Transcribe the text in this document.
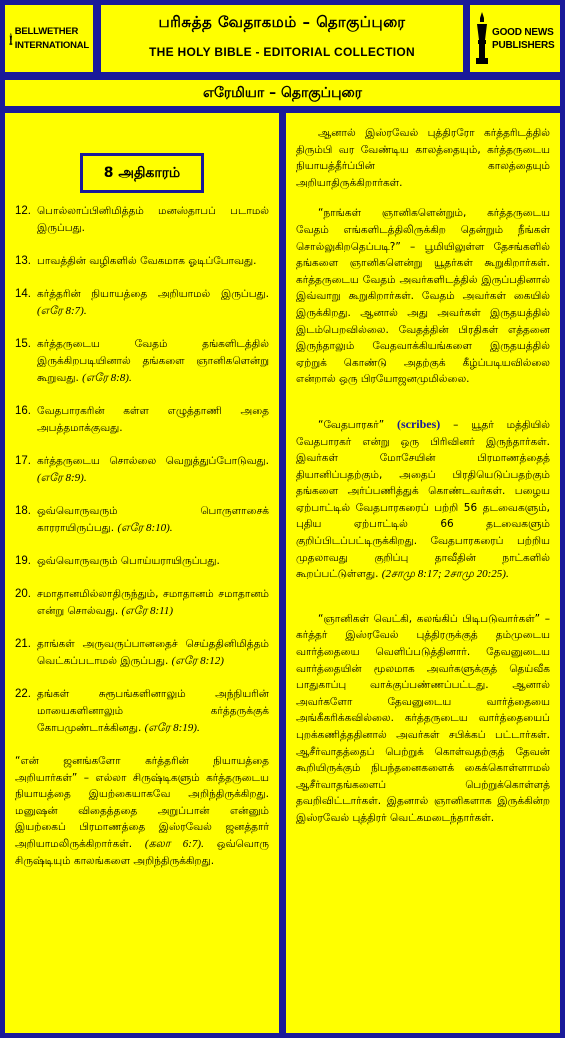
BELLWETHER
INTERNATIONAL
பரிசுத்த வேதாகமம் – தொகுப்புரை
THE HOLY BIBLE - EDITORIAL COLLECTION
GOOD NEWS
PUBLISHERS
எரேமியா – தொகுப்புரை
8 அதிகாரம்
12. பொல்லாப்பினிமித்தம் மனஸ்தாபப் படாமல் இருப்பது.
13. பாவத்தின் வழிகளில் வேகமாக ஓடிப்போவது.
14. கர்த்தரின் நியாயத்தை அறியாமல் இருப்பது. (எரே 8:7).
15. கர்த்தருடைய வேதம் தங்களிடத்தில் இருக்கிறபடியினால் தங்களை ஞானிகளென்று கூறுவது. (எரே 8:8).
16. வேதபாரகரின் கள்ள எழுத்தாணி அதை அபத்தமாக்குவது.
17. கர்த்தருடைய சொல்லை வெறுத்துப்போடுவது. (எரே 8:9).
18. ஒவ்வொருவரும் பொருளாசைக் காரராயிருப்பது. (எரே 8:10).
19. ஒவ்வொருவரும் பொய்யராயிருப்பது.
20. சமாதானமில்லாதிருந்தும், சமாதானம் சமாதானம் என்று சொல்வது. (எரே 8:11)
21. தாங்கள் அருவருப்பானதைச் செய்ததினிமித்தம் வெட்கப்படாமல் இருப்பது. (எரே 8:12)
22. தங்கள் சுரூபங்களினாலும் அந்நியரின் மாயைகளினாலும் கர்த்தருக்குக் கோபமுண்டாக்கினது. (எரே 8:19).
“என் ஜனங்களோ கர்த்தரின் நியாயத்தை அறியார்கள்” – எல்லா சிருஷ்டிகளும் கர்த்தருடைய நியாயத்தை இயற்கையாகவே அறிந்திருக்கிறது. மனுஷன் விதைத்ததை அறுப்பான் என்னும் இயற்கைப் பிரமாணத்தை இஸ்ரவேல் ஜனத்தார் அறியாமலிருக்கிறார்கள். (கலா 6:7). ஒவ்வொரு சிருஷ்டியும் காலங்களை அறிந்திருக்கிறது.
ஆனால் இஸ்ரவேல் புத்திரரோ கர்த்தரிடத்தில் திரும்பி வர வேண்டிய காலத்தையும், கர்த்தருடைய நியாயத்தீர்ப்பின் காலத்தையும் அறியாதிருக்கிறார்கள்.
“நாங்கள் ஞானிகளென்றும், கர்த்தருடைய வேதம் எங்களிடத்திலிருக்கிற தென்றும் நீங்கள் சொல்லுகிறதெப்படி?” – பூமியிலுள்ள தேசங்களில் தங்களை ஞானிகளென்று யூதர்கள் கூறுகிறார்கள். கர்த்தருடைய வேதம் அவர்களிடத்தில் இருப்பதினால் இவ்வாறு கூறுகிறார்கள். வேதம் அவர்கள் கையில் இருக்கிறது. ஆனால் அது அவர்கள் இருதயத்தில் இடம்பெறவில்லை. வேதத்தின் பிரதிகள் எத்தனை இருந்தாலும் வேதவாக்கியங்களை இருதயத்தில் ஏற்றுக் கொண்டு அதற்குக் கீழ்ப்படியவில்லை என்றால் ஒரு பிரயோஜனமுமில்லை.
“வேதபாரகர்” (scribes) – யூதர் மத்தியில் வேதபாரகர் என்று ஒரு பிரிவினர் இருந்தார்கள். இவர்கள் மோசேயின் பிரமாணத்தைத் தியானிப்பதற்கும், அதைப் பிரதியெடுப்பதற்கும் தங்களை அர்ப்பணித்துக் கொண்டவர்கள். பழைய ஏற்பாட்டில் வேதபாரகரைப் பற்றி 56 தடவைகளும், புதிய ஏற்பாட்டில் 66 தடவைகளும் குறிப்பிடப்பட்டிருக்கிறது. வேதபாரகரைப் பற்றிய முதலாவது குறிப்பு தாவீதின் நாட்களில் கூறப்பட்டுள்ளது. (2சாமு 8:17; 2சாமு 20:25).
“ஞானிகள் வெட்கி, கலங்கிப் பிடிபடுவார்கள்” – கர்த்தர் இஸ்ரவேல் புத்திரருக்குத் தம்முடைய வார்த்தையை வெளிப்படுத்தினார். தேவனுடைய வார்த்தையின் மூலமாக அவர்களுக்குத் தெய்வீக பாதுகாப்பு வாக்குப்பண்ணப்பட்டது. ஆனால் அவர்களோ தேவனுடைய வார்த்தையை அங்கீகரிக்கவில்லை. கர்த்தருடைய வார்த்தையைப் புறக்கணித்ததினால் அவர்கள் சபிக்கப் பட்டார்கள். ஆசீர்வாதத்தைப் பெற்றுக் கொள்வதற்குத் தேவன் கூறியிருக்கும் நிபந்தனைகளைக் கைக்கொள்ளாமல் ஆசீர்வாதங்களைப் பெற்றுக்கொள்ளத் தவறிவிட்டார்கள். இதனால் ஞானிகளாக இருக்கின்ற இஸ்ரவேல் புத்திரர் வெட்கமடைந்தார்கள்.
